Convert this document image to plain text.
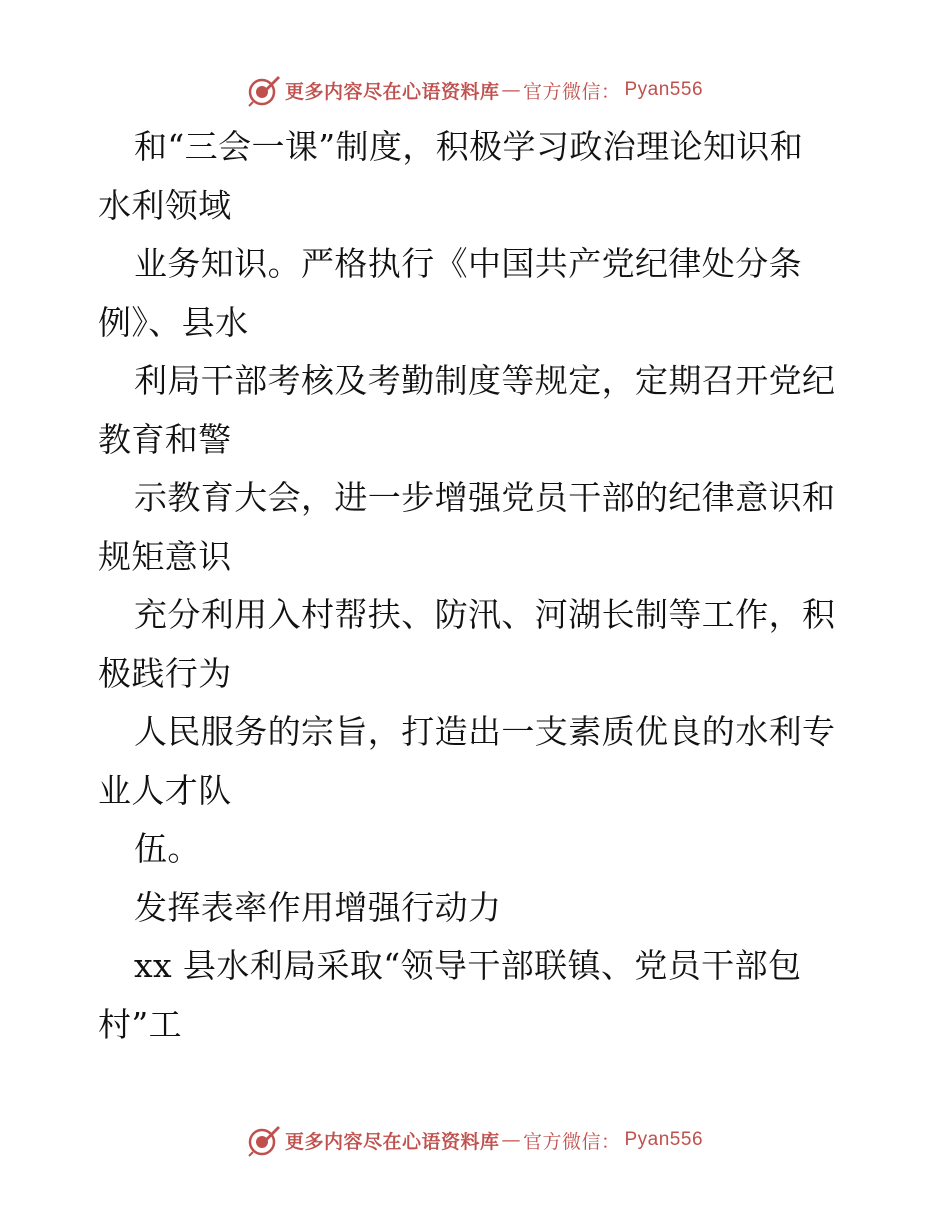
更多内容尽在心语资料库 — 官方微信： Pyan556
和“三会一课”制度，积极学习政治理论知识和
水利领域
业务知识。严格执行《中国共产党纪律处分条
例》、县水
利局干部考核及考勤制度等规定，定期召开党纪
教育和警
示教育大会，进一步增强党员干部的纪律意识和
规矩意识
充分利用入村帮扶、防汛、河湖长制等工作，积
极践行为
人民服务的宗旨，打造出一支素质优良的水利专
业人才队
伍。
发挥表率作用增强行动力
xx 县水利局采取“领导干部联镇、党员干部包
村”工
更多内容尽在心语资料库 — 官方微信： Pyan556
